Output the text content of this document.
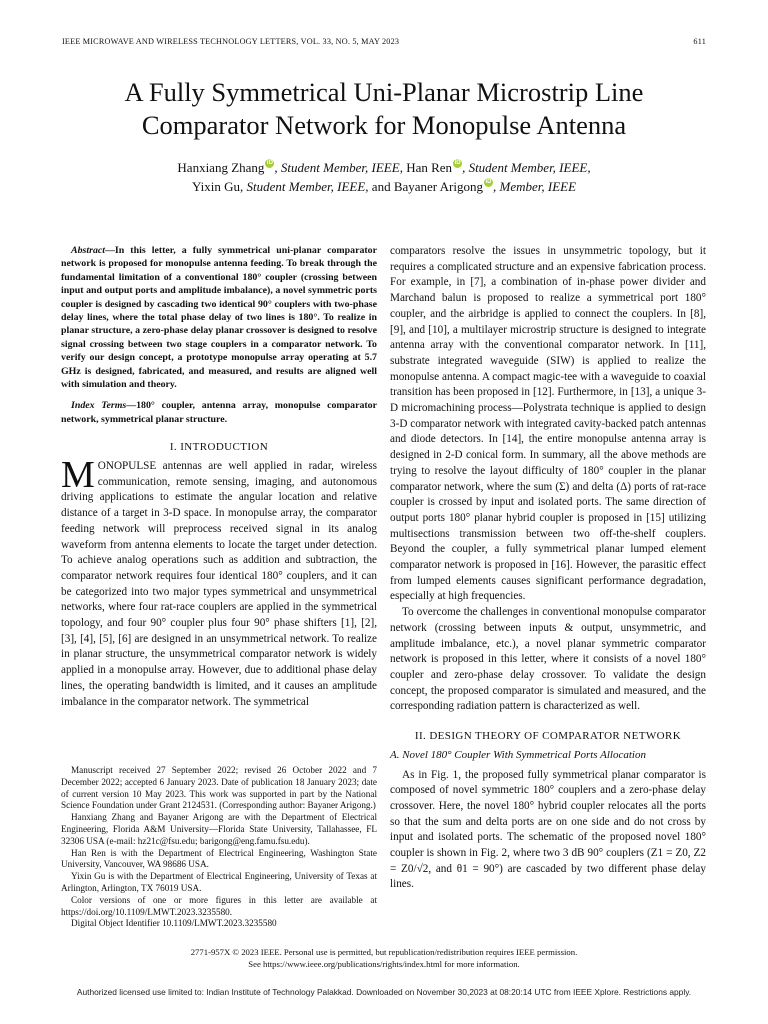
IEEE MICROWAVE AND WIRELESS TECHNOLOGY LETTERS, VOL. 33, NO. 5, MAY 2023	611
A Fully Symmetrical Uni-Planar Microstrip Line
Comparator Network for Monopulse Antenna
Hanxiang Zhang iD , Student Member, IEEE, Han Ren iD , Student Member, IEEE,
Yixin Gu, Student Member, IEEE, and Bayaner Arigong iD , Member, IEEE

Abstract—In this letter, a fully symmetrical uni-planar comparator network is proposed for monopulse antenna feeding. To break through the fundamental limitation of a conventional 180° coupler (crossing between input and output ports and amplitude imbalance), a novel symmetric ports coupler is designed by cascading two identical 90° couplers with two-phase delay lines, where the total phase delay of two lines is 180°. To realize in planar structure, a zero-phase delay planar crossover is designed to resolve signal crossing between two stage couplers in a comparator network. To verify our design concept, a prototype monopulse array operating at 5.7 GHz is designed, fabricated, and measured, and results are aligned well with simulation and theory.

Index Terms—180° coupler, antenna array, monopulse comparator network, symmetrical planar structure.

I. INTRODUCTION

MONOPULSE antennas are well applied in radar, wireless communication, remote sensing, imaging, and autonomous driving applications to estimate the angular location and relative distance of a target in 3-D space. In monopulse array, the comparator feeding network will preprocess received signal in its analog waveform from antenna elements to locate the target under detection. To achieve analog operations such as addition and subtraction, the comparator network requires four identical 180° couplers, and it can be categorized into two major types symmetrical and unsymmetrical networks, where four rat-race couplers are applied in the symmetrical topology, and four 90° coupler plus four 90° phase shifters [1], [2], [3], [4], [5], [6] are designed in an unsymmetrical network. To realize in planar structure, the unsymmetrical comparator network is widely applied in a monopulse array. However, due to additional phase delay lines, the operating bandwidth is limited, and it causes an amplitude imbalance in the comparator network. The symmetrical

Manuscript received 27 September 2022; revised 26 October 2022 and 7 December 2022; accepted 6 January 2023. Date of publication 18 January 2023; date of current version 10 May 2023. This work was supported in part by the National Science Foundation under Grant 2124531. (Corresponding author: Bayaner Arigong.)

Hanxiang Zhang and Bayaner Arigong are with the Department of Electrical Engineering, Florida A&M University—Florida State University, Tallahassee, FL 32306 USA (e-mail: hz21c@fsu.edu; barigong@eng.famu.fsu.edu).

Han Ren is with the Department of Electrical Engineering, Washington State University, Vancouver, WA 98686 USA.

Yixin Gu is with the Department of Electrical Engineering, University of Texas at Arlington, Arlington, TX 76019 USA.

Color versions of one or more figures in this letter are available at https://doi.org/10.1109/LMWT.2023.3235580.

Digital Object Identifier 10.1109/LMWT.2023.3235580

comparators resolve the issues in unsymmetric topology, but it requires a complicated structure and an expensive fabrication process. For example, in [7], a combination of in-phase power divider and Marchand balun is proposed to realize a symmetrical port 180° coupler, and the airbridge is applied to connect the couplers. In [8], [9], and [10], a multilayer microstrip structure is designed to integrate antenna array with the conventional comparator network. In [11], substrate integrated waveguide (SIW) is applied to realize the monopulse antenna. A compact magic-tee with a waveguide to coaxial transition has been proposed in [12]. Furthermore, in [13], a unique 3-D micromachining process—Polystrata technique is applied to design 3-D comparator network with integrated cavity-backed patch antennas and diode detectors. In [14], the entire monopulse antenna array is designed in 2-D conical form. In summary, all the above methods are trying to resolve the layout difficulty of 180° coupler in the planar comparator network, where the sum (Σ) and delta (Δ) ports of rat-race coupler is crossed by input and isolated ports. The same direction of output ports 180° planar hybrid coupler is proposed in [15] utilizing multisections transmission between two off-the-shelf couplers. Beyond the coupler, a fully symmetrical planar lumped element comparator network is proposed in [16]. However, the parasitic effect from lumped elements causes significant performance degradation, especially at high frequencies.

To overcome the challenges in conventional monopulse comparator network (crossing between inputs & output, unsymmetric, and amplitude imbalance, etc.), a novel planar symmetric comparator network is proposed in this letter, where it consists of a novel 180° coupler and zero-phase delay crossover. To validate the design concept, the proposed comparator is simulated and measured, and the corresponding radiation pattern is characterized as well.

II. DESIGN THEORY OF COMPARATOR NETWORK
A. Novel 180° Coupler With Symmetrical Ports Allocation

As in Fig. 1, the proposed fully symmetrical planar comparator is composed of novel symmetric 180° couplers and a zero-phase delay crossover. Here, the novel 180° hybrid coupler relocates all the ports so that the sum and delta ports are on one side and do not cross by input and isolated ports. The schematic of the proposed novel 180° coupler is shown in Fig. 2, where two 3 dB 90° couplers (Z1 = Z0, Z2 = Z0/√2, and θ1 = 90°) are cascaded by two different phase delay lines.

2771-957X © 2023 IEEE. Personal use is permitted, but republication/redistribution requires IEEE permission.
See https://www.ieee.org/publications/rights/index.html for more information.
Authorized licensed use limited to: Indian Institute of Technology Palakkad. Downloaded on November 30,2023 at 08:20:14 UTC from IEEE Xplore. Restrictions apply.
